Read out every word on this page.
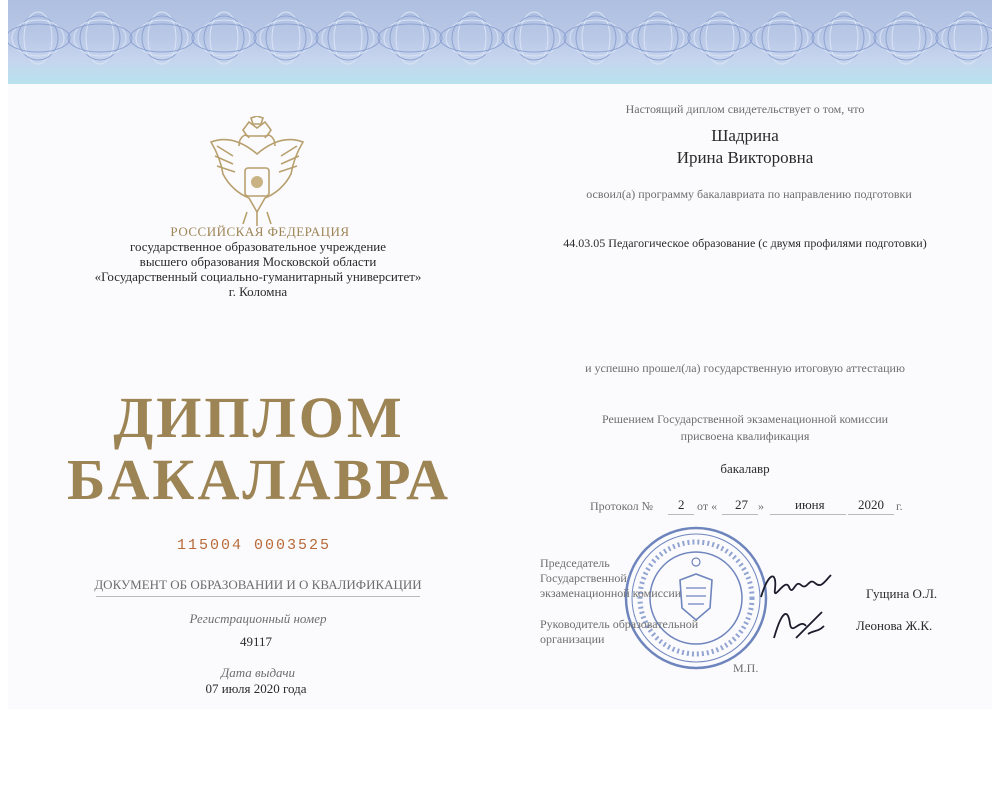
РОССИЙСКАЯ ФЕДЕРАЦИЯ
государственное образовательное учреждение
высшего образования Московской области
«Государственный социально-гуманитарный университет»
г. Коломна
ДИПЛОМ
БАКАЛАВРА
115004 0003525
ДОКУМЕНТ ОБ ОБРАЗОВАНИИ И О КВАЛИФИКАЦИИ
Регистрационный номер
49117
Дата выдачи
07 июля 2020 года
Настоящий диплом свидетельствует о том, что
Шадрина
Ирина Викторовна
освоил(а) программу бакалавриата по направлению подготовки
44.03.05 Педагогическое образование (с двумя профилями подготовки)
и успешно прошел(ла) государственную итоговую аттестацию
Решением Государственной экзаменационной комиссии
присвоена квалификация
бакалавр
Протокол № 2 от « 27 » июня	2020 г.
Председатель
Государственной
экзаменационной комиссии	Гущина О.Л.
Руководитель образовательной
организации
Леонова Ж.К.
М.П.
